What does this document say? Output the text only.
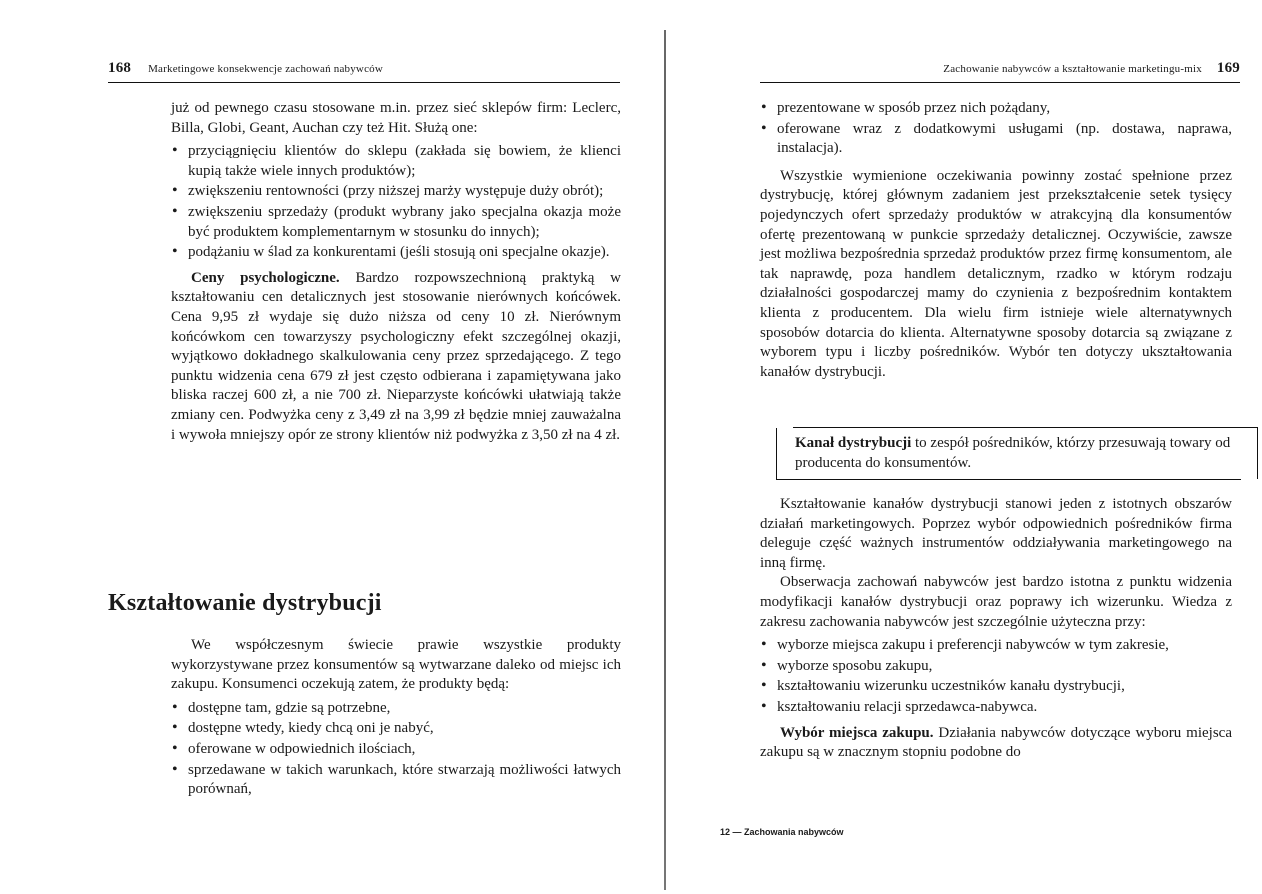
168 Marketingowe konsekwencje zachowań nabywców

już od pewnego czasu stosowane m.in. przez sieć sklepów firm: Leclerc, Billa, Globi, Geant, Auchan czy też Hit. Służą one:

• przyciągnięciu klientów do sklepu (zakłada się bowiem, że klienci kupią także wiele innych produktów);
• zwiększeniu rentowności (przy niższej marży występuje duży obrót);
• zwiększeniu sprzedaży (produkt wybrany jako specjalna okazja może być produktem komplementarnym w stosunku do innych);
• podążaniu w ślad za konkurentami (jeśli stosują oni specjalne okazje).

Ceny psychologiczne. Bardzo rozpowszechnioną praktyką w kształtowaniu cen detalicznych jest stosowanie nierównych końcówek. Cena 9,95 zł wydaje się dużo niższa od ceny 10 zł. Nierównym końcówkom cen towarzyszy psychologiczny efekt szczególnej okazji, wyjątkowo dokładnego skalkulowania ceny przez sprzedającego. Z tego punktu widzenia cena 679 zł jest często odbierana i zapamiętywana jako bliska raczej 600 zł, a nie 700 zł. Nieparzyste końcówki ułatwiają także zmiany cen. Podwyżka ceny z 3,49 zł na 3,99 zł będzie mniej zauważalna i wywoła mniejszy opór ze strony klientów niż podwyżka z 3,50 zł na 4 zł.

Kształtowanie dystrybucji

We współczesnym świecie prawie wszystkie produkty wykorzystywane przez konsumentów są wytwarzane daleko od miejsc ich zakupu. Konsumenci oczekują zatem, że produkty będą:

• dostępne tam, gdzie są potrzebne,
• dostępne wtedy, kiedy chcą oni je nabyć,
• oferowane w odpowiednich ilościach,
• sprzedawane w takich warunkach, które stwarzają możliwości łatwych porównań,
Zachowanie nabywców a kształtowanie marketingu-mix 169
• prezentowane w sposób przez nich pożądany,
• oferowane wraz z dodatkowymi usługami (np. dostawa, naprawa, instalacja).

Wszystkie wymienione oczekiwania powinny zostać spełnione przez dystrybucję, której głównym zadaniem jest przekształcenie setek tysięcy pojedynczych ofert sprzedaży produktów w atrakcyjną dla konsumentów ofertę prezentowaną w punkcie sprzedaży detalicznej. Oczywiście, zawsze jest możliwa bezpośrednia sprzedaż produktów przez firmę konsumentom, ale tak naprawdę, poza handlem detalicznym, rzadko w którym rodzaju działalności gospodarczej mamy do czynienia z bezpośrednim kontaktem klienta z producentem. Dla wielu firm istnieje wiele alternatywnych sposobów dotarcia do klienta. Alternatywne sposoby dotarcia są związane z wyborem typu i liczby pośredników. Wybór ten dotyczy ukształtowania kanałów dystrybucji.

Kanał dystrybucji to zespół pośredników, którzy przesuwają towary od producenta do konsumentów.

Kształtowanie kanałów dystrybucji stanowi jeden z istotnych obszarów działań marketingowych. Poprzez wybór odpowiednich pośredników firma deleguje część ważnych instrumentów oddziaływania marketingowego na inną firmę.

Obserwacja zachowań nabywców jest bardzo istotna z punktu widzenia modyfikacji kanałów dystrybucji oraz poprawy ich wizerunku. Wiedza z zakresu zachowania nabywców jest szczególnie użyteczna przy:

• wyborze miejsca zakupu i preferencji nabywców w tym zakresie,
• wyborze sposobu zakupu,
• kształtowaniu wizerunku uczestników kanału dystrybucji,
• kształtowaniu relacji sprzedawca-nabywca.

Wybór miejsca zakupu. Działania nabywców dotyczące wyboru miejsca zakupu są w znacznym stopniu podobne do

12 — Zachowania nabywców
